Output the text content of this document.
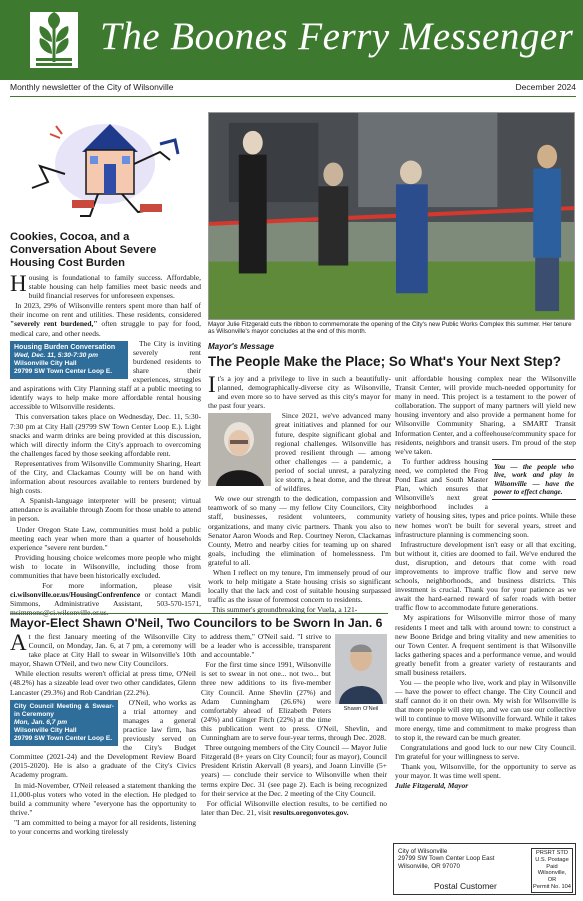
The Boones Ferry Messenger
Monthly newsletter of the City of Wilsonville	December 2024
Cookies, Cocoa, and a Conversation About Severe Housing Cost Burden

Housing is foundational to family success. Affordable, stable housing can help families meet basic needs and build financial reserves for unforeseen expenses.

In 2023, 29% of Wilsonville renters spent more than half of their income on rent and utilities. These residents, considered "severely rent burdened," often struggle to pay for food, medical care, and other needs.

Housing Burden Conversation
Wed, Dec. 11, 5:30-7:30 pm
Wilsonville City Hall
29799 SW Town Center Loop E.

The City is inviting severely rent burdened residents to share their experiences, struggles and aspirations with City Planning staff at a public meeting to identify ways to help make more affordable rental housing accessible to Wilsonville residents.

This conversation takes place on Wednesday, Dec. 11, 5:30-7:30 pm at City Hall (29799 SW Town Center Loop E.). Light snacks and warm drinks are being provided at this discussion, which will directly inform the City's approach to overcoming the challenges faced by those seeking affordable rent.

Representatives from Wilsonville Community Sharing, Heart of the City, and Clackamas County will be on hand with information about resources available to renters burdened by high costs.

A Spanish-language interpreter will be present; virtual attendance is available through Zoom for those unable to attend in person.

Under Oregon State Law, communities must hold a public meeting each year when more than a quarter of households experience "severe rent burden."

Providing housing choice welcomes more people who might wish to locate in Wilsonville, including those from communities that have been historically excluded.

For more information, please visit ci.wilsonville.or.us/HousingConfrenfence or contact Mandi Simmons, Administrative Assistant, 503-570-1571, msimmons@ci.wilsonville.or.us.

Mayor Julie Fitzgerald cuts the ribbon to commemorate the opening of the City's new Public Works Complex this summer. Her tenure as Wilsonville's mayor concludes at the end of this month.
Mayor's Message
The People Make the Place; So What's Your Next Step?

It's a joy and a privilege to live in such a beautifully-planned, demographically-diverse city as Wilsonville, and even more so to have served as this city's mayor for the past four years.

Since 2021, we've advanced many great initiatives and planned for our future, despite significant global and regional challenges. Wilsonville has proved resilient through — among other challenges — a pandemic, a period of social unrest, a paralyzing ice storm, a heat dome, and the threat of wildfires.

We owe our strength to the dedication, compassion and teamwork of so many — my fellow City Councilors, City staff, businesses, resident volunteers, community organizations, and many civic partners. Thank you also to Senator Aaron Woods and Rep. Courtney Neron, Clackamas County, Metro and nearby cities for teaming up on shared goals, including the elimination of homelessness. I'm grateful to all.

When I reflect on my tenure, I'm immensely proud of our work to help mitigate a State housing crisis so significant locally that the lack and cost of suitable housing surpassed traffic as the issue of foremost concern to residents.

This summer's groundbreaking for Vuela, a 121-

unit affordable housing complex near the Wilsonville Transit Center, will provide much-needed opportunity for many in need. This project is a testament to the power of collaboration. The support of many partners will yield new housing inventory and also provide a permanent home for Wilsonville Community Sharing, a SMART Transit Information Center, and a coffeehouse/community space for residents, neighbors and transit users. I'm proud of the step we've taken.

You — the people who live, work and play in Wilsonville — have the power to effect change.

To further address housing need, we completed the Frog Pond East and South Master Plan, which ensures that Wilsonville's next great neighborhood includes a variety of housing sites, types and price points. While these new homes won't be built for several years, street and infrastructure planning is commencing soon.

Infrastructure development isn't easy or all that exciting, but without it, cities are doomed to fail. We've endured the dust, disruption, and detours that come with road improvements to improve traffic flow and serve new schools, neighborhoods, and business districts. This investment is crucial. Thank you for your patience as we await the hard-earned reward of safer roads with better traffic flow to accommodate future generations.

My aspirations for Wilsonville mirror those of many residents I meet and talk with around town: to construct a new Boone Bridge and bring vitality and new amenities to our Town Center. A frequent sentiment is that Wilsonville lacks gathering spaces and a performance venue, and would greatly benefit from a greater variety of restaurants and small business retailers.

You — the people who live, work and play in Wilsonville — have the power to effect change. The City Council and staff cannot do it on their own. My wish for Wilsonville is that more people will step up, and we can use our collective will to continue to move Wilsonville forward. While it takes more energy, time and commitment to make progress than to stop it, the reward can be much greater.

Congratulations and good luck to our new City Council. I'm grateful for your willingness to serve.

Thank you, Wilsonville, for the opportunity to serve as your mayor. It was time well spent.

Julie Fitzgerald, Mayor
Mayor-Elect Shawn O'Neil, Two Councilors to be Sworn In Jan. 6

At the first January meeting of the Wilsonville City Council, on Monday, Jan. 6, at 7 pm, a ceremony will take place at City Hall to swear in Wilsonville's 10th mayor, Shawn O'Neil, and two new City Councilors.

While election results weren't official at press time, O'Neil (48.2%) has a sizeable lead over two other candidates, Glenn Lancaster (29.3%) and Rob Candrian (22.2%).

City Council Meeting & Swear-in Ceremony
Mon, Jan. 6,7 pm
Wilsonville City Hall
29799 SW Town Center Loop E.

O'Neil, who works as a trial attorney and manages a general practice law firm, has previously served on the City's Budget Committee (2021-24) and the Development Review Board (2015-2020). He is also a graduate of the City's Civics Academy program.

In mid-November, O'Neil released a statement thanking the 11,000-plus voters who voted in the election. He pledged to build a community where "everyone has the opportunity to thrive."

"I am committed to being a mayor for all residents, listening to your concerns and working tirelessly

Shawn O'Neil

to address them," O'Neil said. "I strive to be a leader who is accessible, transparent and accountable."

For the first time since 1991, Wilsonville is set to swear in not one... not two... but three new additions to its five-member City Council. Anne Shevlin (27%) and Adam Cunningham (26.6%) were comfortably ahead of Elizabeth Peters (24%) and Ginger Fitch (22%) at the time this publication went to press. O'Neil, Shevlin, and Cunningham are to serve four-year terms, through Dec. 2028.

Three outgoing members of the City Council — Mayor Julie Fitzgerald (8+ years on City Council; four as mayor), Council President Kristin Akervall (8 years), and Joann Linville (5+ years) — conclude their service to Wilsonville when their terms expire Dec. 31 (see page 2). Each is being recognized for their service at the Dec. 2 meeting of the City Council.

For official Wilsonville election results, to be certified no later than Dec. 21, visit results.oregonvotes.gov.

City of Wilsonville
29799 SW Town Center Loop East
Wilsonville, OR 97070
PRSRT STD
U.S. Postage Paid
Wilsonville, OR
Permit No. 104
Postal Customer
